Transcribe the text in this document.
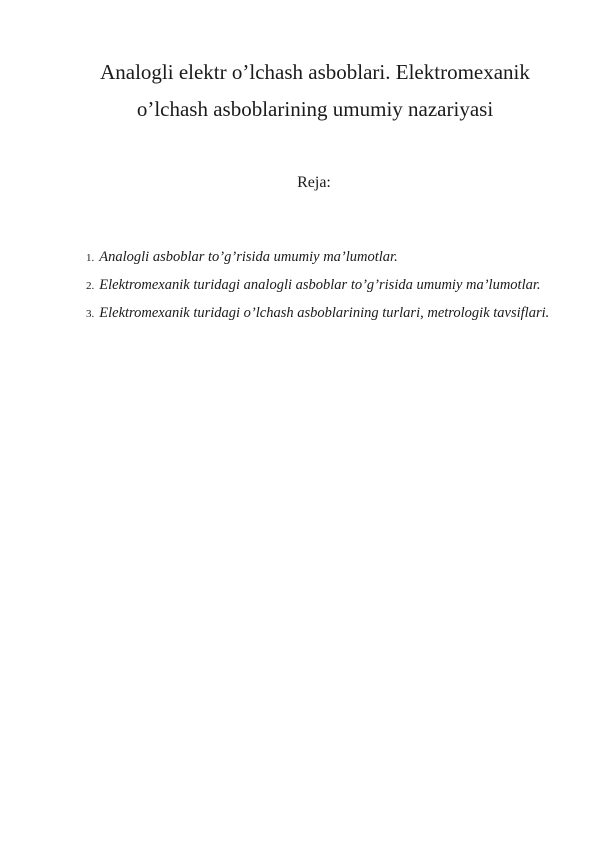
Analogli elektr o’lchash asboblari. Elektromexanik
o’lchash asboblarining umumiy nazariyasi
Reja:
1. Analogli asboblar to’g’risida umumiy ma’lumotlar.
2. Elektromexanik turidagi analogli asboblar to’g’risida umumiy ma’lumotlar.
3. Elektromexanik turidagi o’lchash asboblarining turlari, metrologik tavsiflari.
